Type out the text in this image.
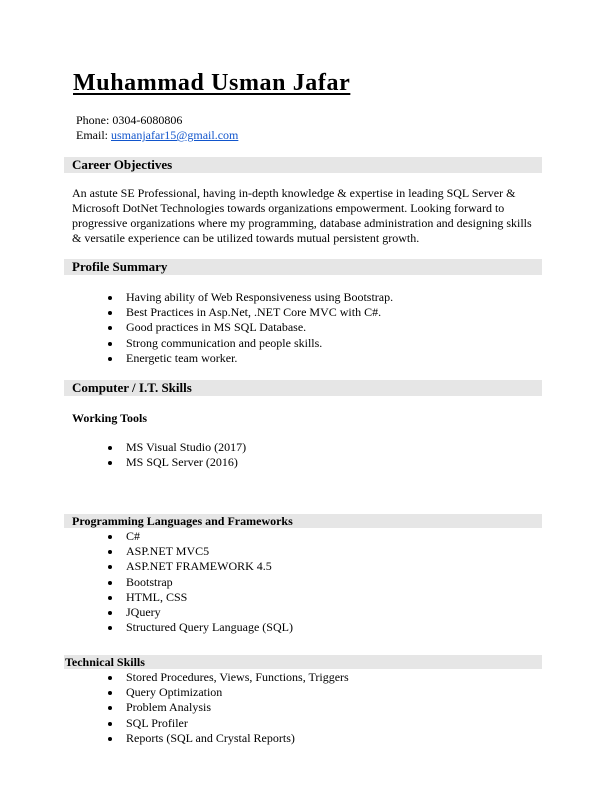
Muhammad Usman Jafar
Phone: 0304-6080806
Email: usmanjafar15@gmail.com
Career Objectives
An astute SE Professional, having in-depth knowledge & expertise in leading SQL Server & Microsoft DotNet Technologies towards organizations empowerment. Looking forward to progressive organizations where my programming, database administration and designing skills & versatile experience can be utilized towards mutual persistent growth.
Profile Summary
Having ability of Web Responsiveness using Bootstrap.
Best Practices in Asp.Net, .NET Core MVC with C#.
Good practices in MS SQL Database.
Strong communication and people skills.
Energetic team worker.
Computer / I.T. Skills
Working Tools
MS Visual Studio (2017)
MS SQL Server (2016)
Programming Languages and Frameworks
C#
ASP.NET MVC5
ASP.NET FRAMEWORK 4.5
Bootstrap
HTML, CSS
JQuery
Structured Query Language (SQL)
Technical Skills
Stored Procedures, Views, Functions, Triggers
Query Optimization
Problem Analysis
SQL Profiler
Reports (SQL and Crystal Reports)
